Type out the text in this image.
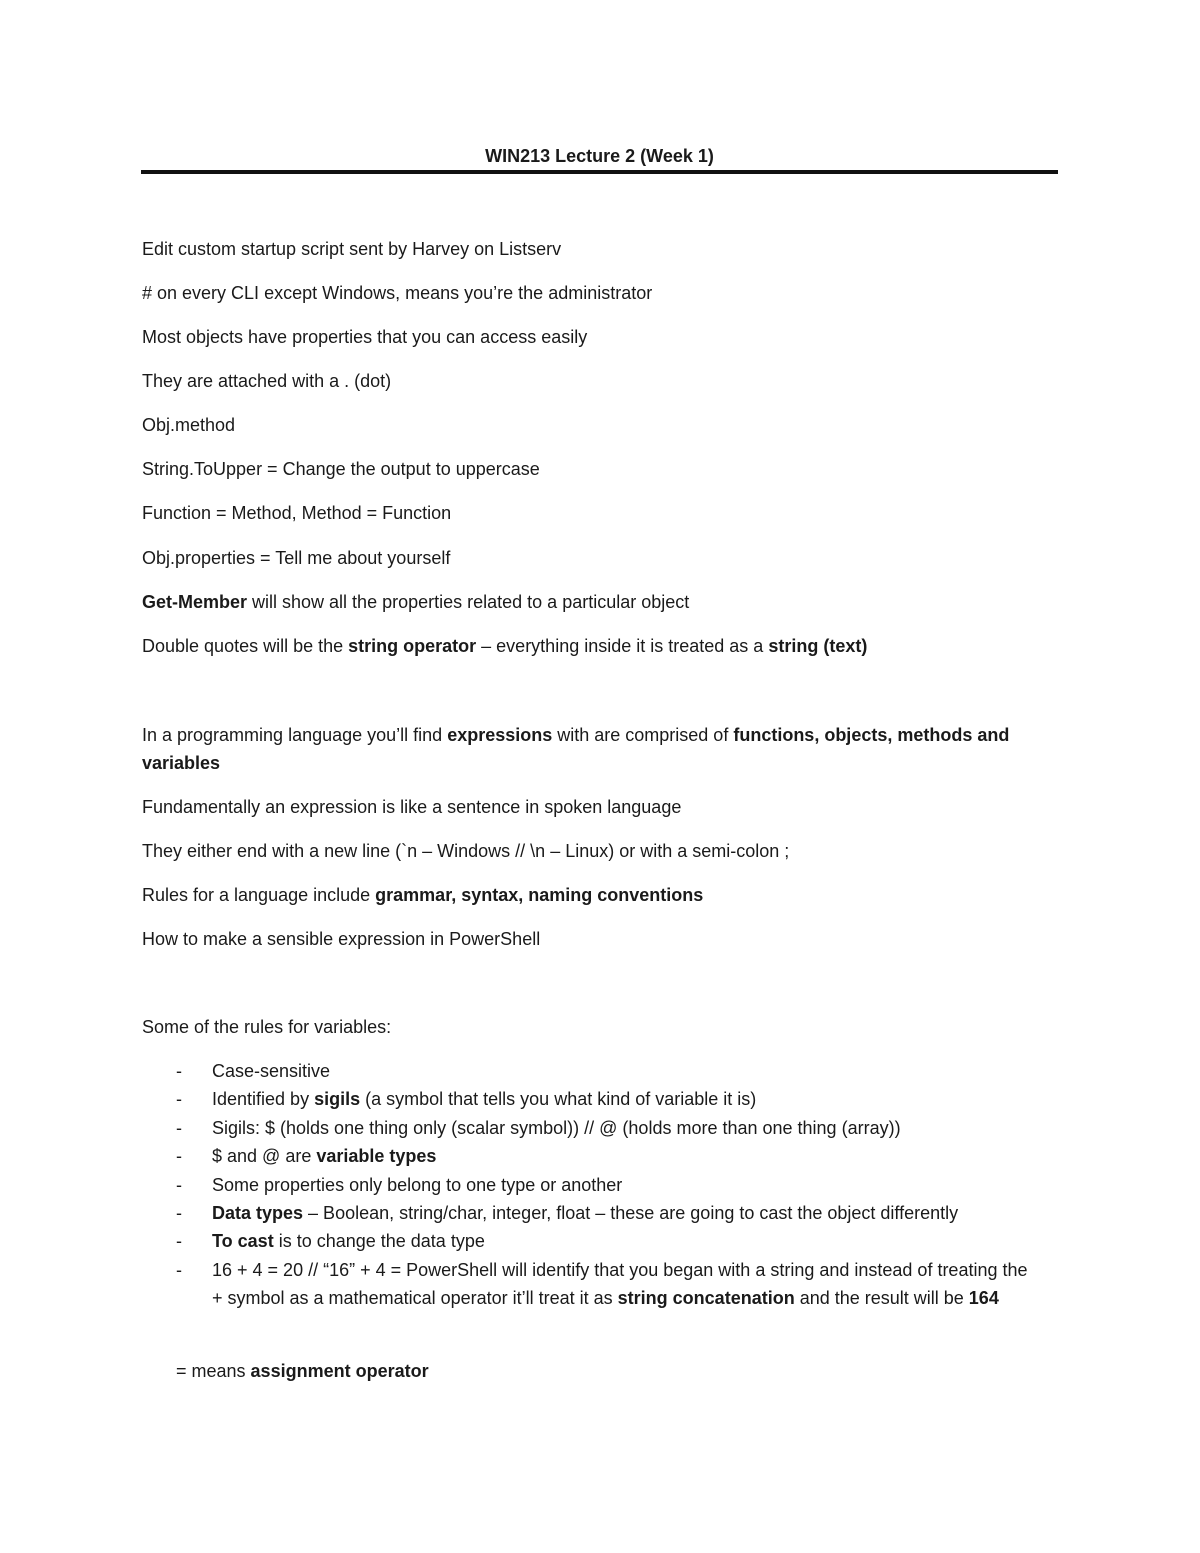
WIN213 Lecture 2 (Week 1)
Edit custom startup script sent by Harvey on Listserv
# on every CLI except Windows, means you’re the administrator
Most objects have properties that you can access easily
They are attached with a . (dot)
Obj.method
String.ToUpper = Change the output to uppercase
Function = Method, Method = Function
Obj.properties = Tell me about yourself
Get-Member will show all the properties related to a particular object
Double quotes will be the string operator – everything inside it is treated as a string (text)
In a programming language you’ll find expressions with are comprised of functions, objects, methods and variables
Fundamentally an expression is like a sentence in spoken language
They either end with a new line (`n – Windows // \n – Linux) or with a semi-colon ;
Rules for a language include grammar, syntax, naming conventions
How to make a sensible expression in PowerShell
Some of the rules for variables:
- Case-sensitive
- Identified by sigils (a symbol that tells you what kind of variable it is)
- Sigils: $ (holds one thing only (scalar symbol)) // @ (holds more than one thing (array))
- $ and @ are variable types
- Some properties only belong to one type or another
- Data types – Boolean, string/char, integer, float – these are going to cast the object differently
- To cast is to change the data type
- 16 + 4 = 20 // “16” + 4 = PowerShell will identify that you began with a string and instead of treating the + symbol as a mathematical operator it’ll treat it as string concatenation and the result will be 164
= means assignment operator
